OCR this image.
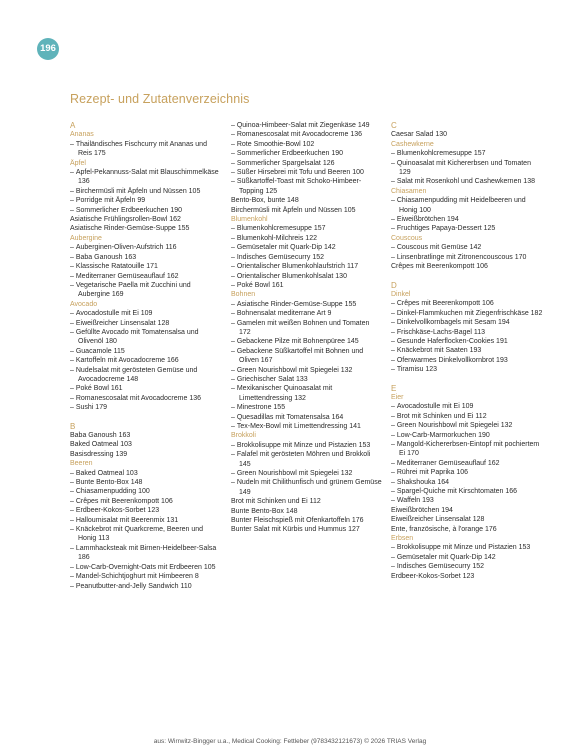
196
Rezept- und Zutatenverzeichnis
A
Ananas
– Thailändisches Fischcurry mit Ananas und Reis 175
Äpfel
– Apfel-Pekannuss-Salat mit Blauschimmelkäse 136
– Birchermüsli mit Äpfeln und Nüssen 105
– Porridge mit Äpfeln 99
– Sommerlicher Erdbeerkuchen 190
Asiatische Frühlingsrollen-Bowl 162
Asiatische Rinder-Gemüse-Suppe 155
Aubergine
– Auberginen-Oliven-Aufstrich 116
– Baba Ganoush 163
– Klassische Ratatouille 171
– Mediterraner Gemüseauflauf 162
– Vegetarische Paella mit Zucchini und Aubergine 169
Avocado
– Avocadostulle mit Ei 109
– Eiweißreicher Linsensalat 128
– Gefüllte Avocado mit Tomatensalsa und Olivenöl 180
– Guacamole 115
– Kartoffeln mit Avocadocreme 166
– Nudelsalat mit gerösteten Gemüse und Avocadocreme 148
– Poké Bowl 161
– Romanescosalat mit Avocadocreme 136
– Sushi 179
B
Baba Ganoush 163
Baked Oatmeal 103
Basisdressing 139
Beeren
– Baked Oatmeal 103
– Bunte Bento-Box 148
– Chiasamenpudding 100
– Crêpes mit Beerenkompott 106
– Erdbeer-Kokos-Sorbet 123
– Halloumisalat mit Beerenmix 131
– Knäckebrot mit Quarkcreme, Beeren und Honig 113
– Lammhacksteak mit Birnen-Heidelbeer-Salsa 186
– Low-Carb-Overnight-Oats mit Erdbeeren 105
– Mandel-Schichtjoghurt mit Himbeeren 8
– Peanutbutter-and-Jelly Sandwich 110
– Quinoa-Himbeer-Salat mit Ziegenkäse 149
– Romanescosalat mit Avocadocreme 136
– Rote Smoothie-Bowl 102
– Sommerlicher Erdbeerkuchen 190
– Sommerlicher Spargelsalat 126
– Süßer Hirsebrei mit Tofu und Beeren 100
– Süßkartoffel-Toast mit Schoko-Himbeer-Topping 125
Bento-Box, bunte 148
Birchermüsli mit Äpfeln und Nüssen 105
Blumenkohl
– Blumenkohlcremesuppe 157
– Blumenkohl-Milchreis 122
– Gemüsetaler mit Quark-Dip 142
– Indisches Gemüsecurry 152
– Orientalischer Blumenkohlaufstrich 117
– Orientalischer Blumenkohlsalat 130
– Poké Bowl 161
Bohnen
– Asiatische Rinder-Gemüse-Suppe 155
– Bohnensalat mediterrane Art 9
– Gamelen mit weißen Bohnen und Tomaten 172
– Gebackene Pilze mit Bohnenpüree 145
– Gebackene Süßkartoffel mit Bohnen und Oliven 167
– Green Nourishbowl mit Spiegelei 132
– Griechischer Salat 133
– Mexikanischer Quinoasalat mit Limettendressing 132
– Minestrone 155
– Quesadillas mit Tomatensalsa 164
– Tex-Mex-Bowl mit Limettendressing 141
Brokkoli
– Brokkolisuppe mit Minze und Pistazien 153
– Falafel mit gerösteten Möhren und Brokkoli 145
– Green Nourishbowl mit Spiegelei 132
– Nudeln mit Chilithunfisch und grünem Gemüse 149
Brot mit Schinken und Ei 112
Bunte Bento-Box 148
Bunter Fleischspieß mit Ofenkartoffeln 176
Bunter Salat mit Kürbis und Hummus 127
C
Caesar Salad 130
Cashewkerne
– Blumenkohlcremesuppe 157
– Quinoasalat mit Kichererbsen und Tomaten 129
– Salat mit Rosenkohl und Cashewkernen 138
Chiasamen
– Chiasamenpudding mit Heidelbeeren und Honig 100
– Eiweißbrötchen 194
– Fruchtiges Papaya-Dessert 125
Couscous
– Couscous mit Gemüse 142
– Linsenbratlinge mit Zitronencouscous 170
Crêpes mit Beerenkompott 106
D
Dinkel
– Crêpes mit Beerenkompott 106
– Dinkel-Flammkuchen mit Ziegenfrischkäse 182
– Dinkelvollkornbagels mit Sesam 194
– Frischkäse-Lachs-Bagel 113
– Gesunde Haferflocken-Cookies 191
– Knäckebrot mit Saaten 193
– Ofenwarmes Dinkelvollkornbrot 193
– Tiramisu 123
E
Eier
– Avocadostulle mit Ei 109
– Brot mit Schinken und Ei 112
– Green Nourishbowl mit Spiegelei 132
– Low-Carb-Marmorkuchen 190
– Mangold-Kichererbsen-Eintopf mit pochiertem Ei 170
– Mediterraner Gemüseauflauf 162
– Rührei mit Paprika 106
– Shakshouka 164
– Spargel-Quiche mit Kirschtomaten 166
– Waffeln 193
Eiweißbrötchen 194
Eiweißreicher Linsensalat 128
Ente, französische, à l'orange 176
Erbsen
– Brokkolisuppe mit Minze und Pistazien 153
– Gemüsetaler mit Quark-Dip 142
– Indisches Gemüsecurry 152
Erdbeer-Kokos-Sorbet 123
aus: Wirrwitz-Bingger u.a., Medical Cooking: Fettleber (9783432121673) © 2026 TRIAS Verlag
